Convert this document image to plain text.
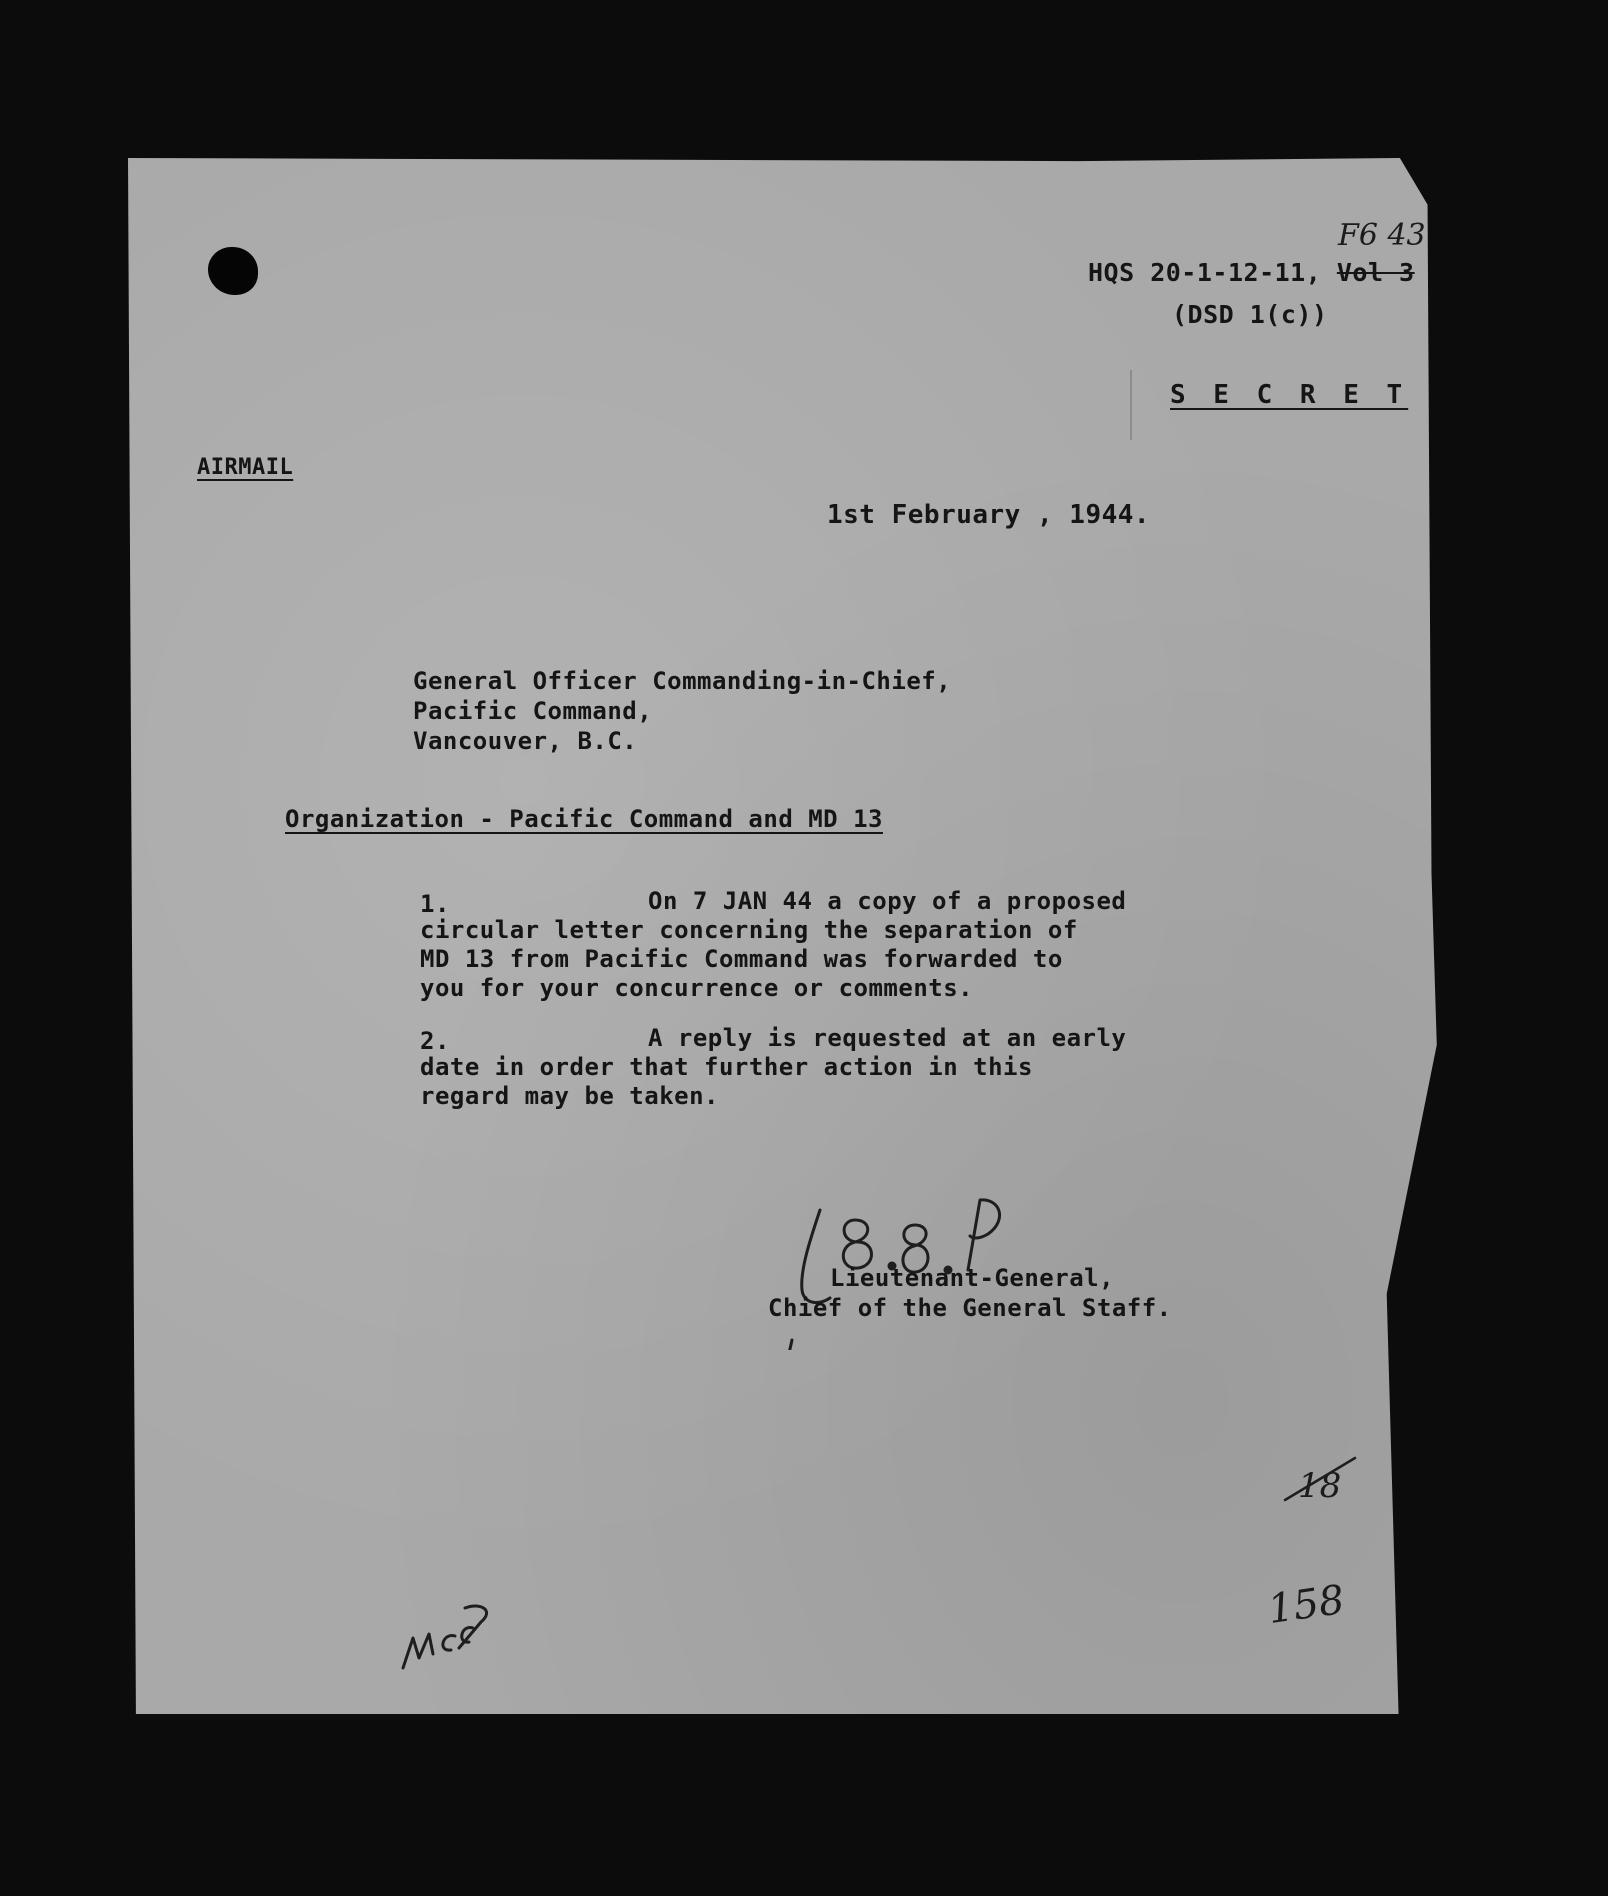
F6 43
HQS 20-1-12-11, Vol 3
(DSD 1(c))
S E C R E T
AIRMAIL
1st February , 1944.
General Officer Commanding-in-Chief,
Pacific Command,
Vancouver, B.C.
Organization - Pacific Command and MD 13
1.	On 7 JAN 44 a copy of a proposed
circular letter concerning the separation of
MD 13 from Pacific Command was forwarded to
you for your concurrence or comments.
2.	A reply is requested at an early
date in order that further action in this
regard may be taken.
Lieutenant-General,
Chief of the General Staff.
18
158
